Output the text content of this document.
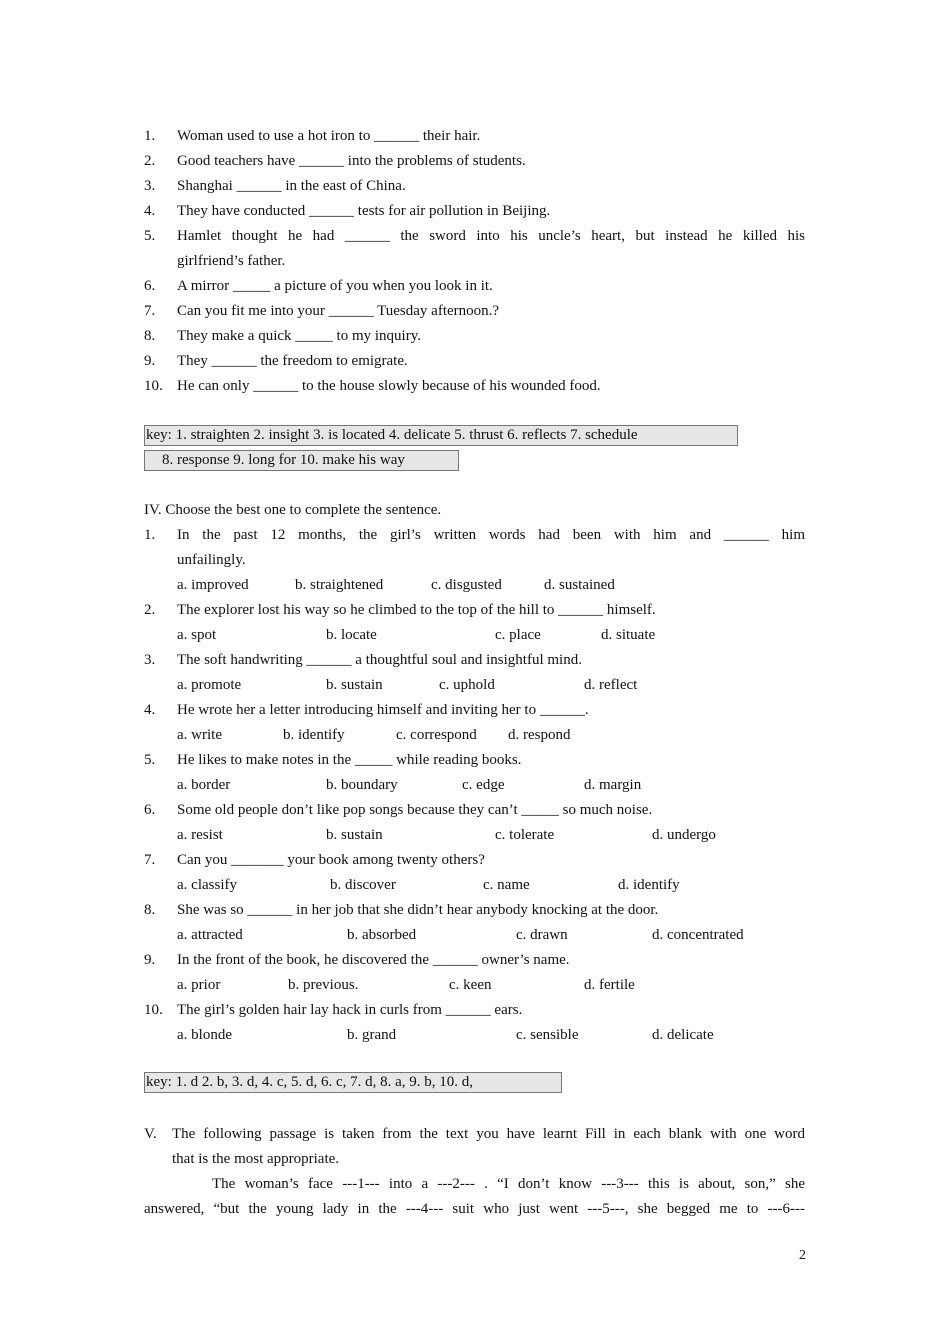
1. Woman used to use a hot iron to ______ their hair.
2. Good teachers have ______ into the problems of students.
3. Shanghai ______ in the east of China.
4. They have conducted ______ tests for air pollution in Beijing.
5. Hamlet thought he had ______ the sword into his uncle’s heart, but instead he killed his
girlfriend’s father.
6. A mirror _____ a picture of you when you look in it.
7. Can you fit me into your ______ Tuesday afternoon.?
8. They make a quick _____ to my inquiry.
9. They ______ the freedom to emigrate.
10. He can only ______ to the house slowly because of his wounded food.
key: 1. straighten 2. insight 3. is located 4. delicate 5. thrust 6. reflects 7. schedule
8. response 9. long for 10. make his way
IV. Choose the best one to complete the sentence.
1. In the past 12 months, the girl’s written words had been with him and ______ him
unfailingly.
a. improved	b. straightened	c. disgusted	d. sustained
2. The explorer lost his way so he climbed to the top of the hill to ______ himself.
a. spot	b. locate	c. place	d. situate
3. The soft handwriting ______ a thoughtful soul and insightful mind.
a. promote	b. sustain	c. uphold	d. reflect
4. He wrote her a letter introducing himself and inviting her to ______.
a. write	b. identify	c. correspond d. respond
5. He likes to make notes in the _____ while reading books.
a. border	b. boundary	c. edge	d. margin
6. Some old people don’t like pop songs because they can’t _____ so much noise.
a. resist	b. sustain	c. tolerate	d. undergo
7. Can you _______ your book among twenty others?
a. classify	b. discover	c. name	d. identify
8. She was so ______ in her job that she didn’t hear anybody knocking at the door.
a. attracted	b. absorbed	c. drawn	d. concentrated
9. In the front of the book, he discovered the ______ owner’s name.
a. prior	b. previous.	c. keen	d. fertile
10. The girl’s golden hair lay hack in curls from ______ ears.
a. blonde	b. grand	c. sensible	d. delicate
key: 1. d 2. b, 3. d, 4. c, 5. d, 6. c, 7. d, 8. a, 9. b, 10. d,
V. The following passage is taken from the text you have learnt Fill in each blank with one word
that is the most appropriate.
The woman’s face ---1--- into a ---2--- . “I don’t know ---3--- this is about, son,” she
answered, “but the young lady in the ---4--- suit who just went ---5---, she begged me to ---6---
2
